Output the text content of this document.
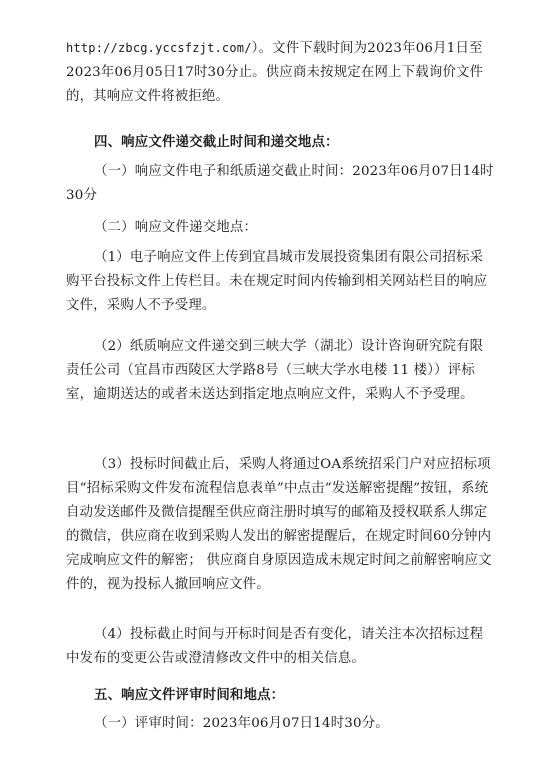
http://zbcg.yccsfzjt.com/）。文件下载时间为2023年06月1日至2023年06月05日17时30分止。供应商未按规定在网上下载询价文件的，其响应文件将被拒绝。

四、响应文件递交截止时间和递交地点：

（一）响应文件电子和纸质递交截止时间：2023年06月07日14时30分

（二）响应文件递交地点：

（1）电子响应文件上传到宜昌城市发展投资集团有限公司招标采购平台投标文件上传栏目。未在规定时间内传输到相关网站栏目的响应文件，采购人不予受理。

（2）纸质响应文件递交到三峡大学（湖北）设计咨询研究院有限责任公司（宜昌市西陵区大学路8号（三峡大学水电楼 11 楼））评标室，逾期送达的或者未送达到指定地点响应文件，采购人不予受理。

（3）投标时间截止后，采购人将通过OA系统招采门户对应招标项目“招标采购文件发布流程信息表单”中点击“发送解密提醒”按钮，系统自动发送邮件及微信提醒至供应商注册时填写的邮箱及授权联系人绑定的微信，供应商在收到采购人发出的解密提醒后，在规定时间60分钟内完成响应文件的解密； 供应商自身原因造成未规定时间之前解密响应文件的，视为投标人撤回响应文件。

（4）投标截止时间与开标时间是否有变化，请关注本次招标过程中发布的变更公告或澄清修改文件中的相关信息。

五、响应文件评审时间和地点：

（一）评审时间：2023年06月07日14时30分。
